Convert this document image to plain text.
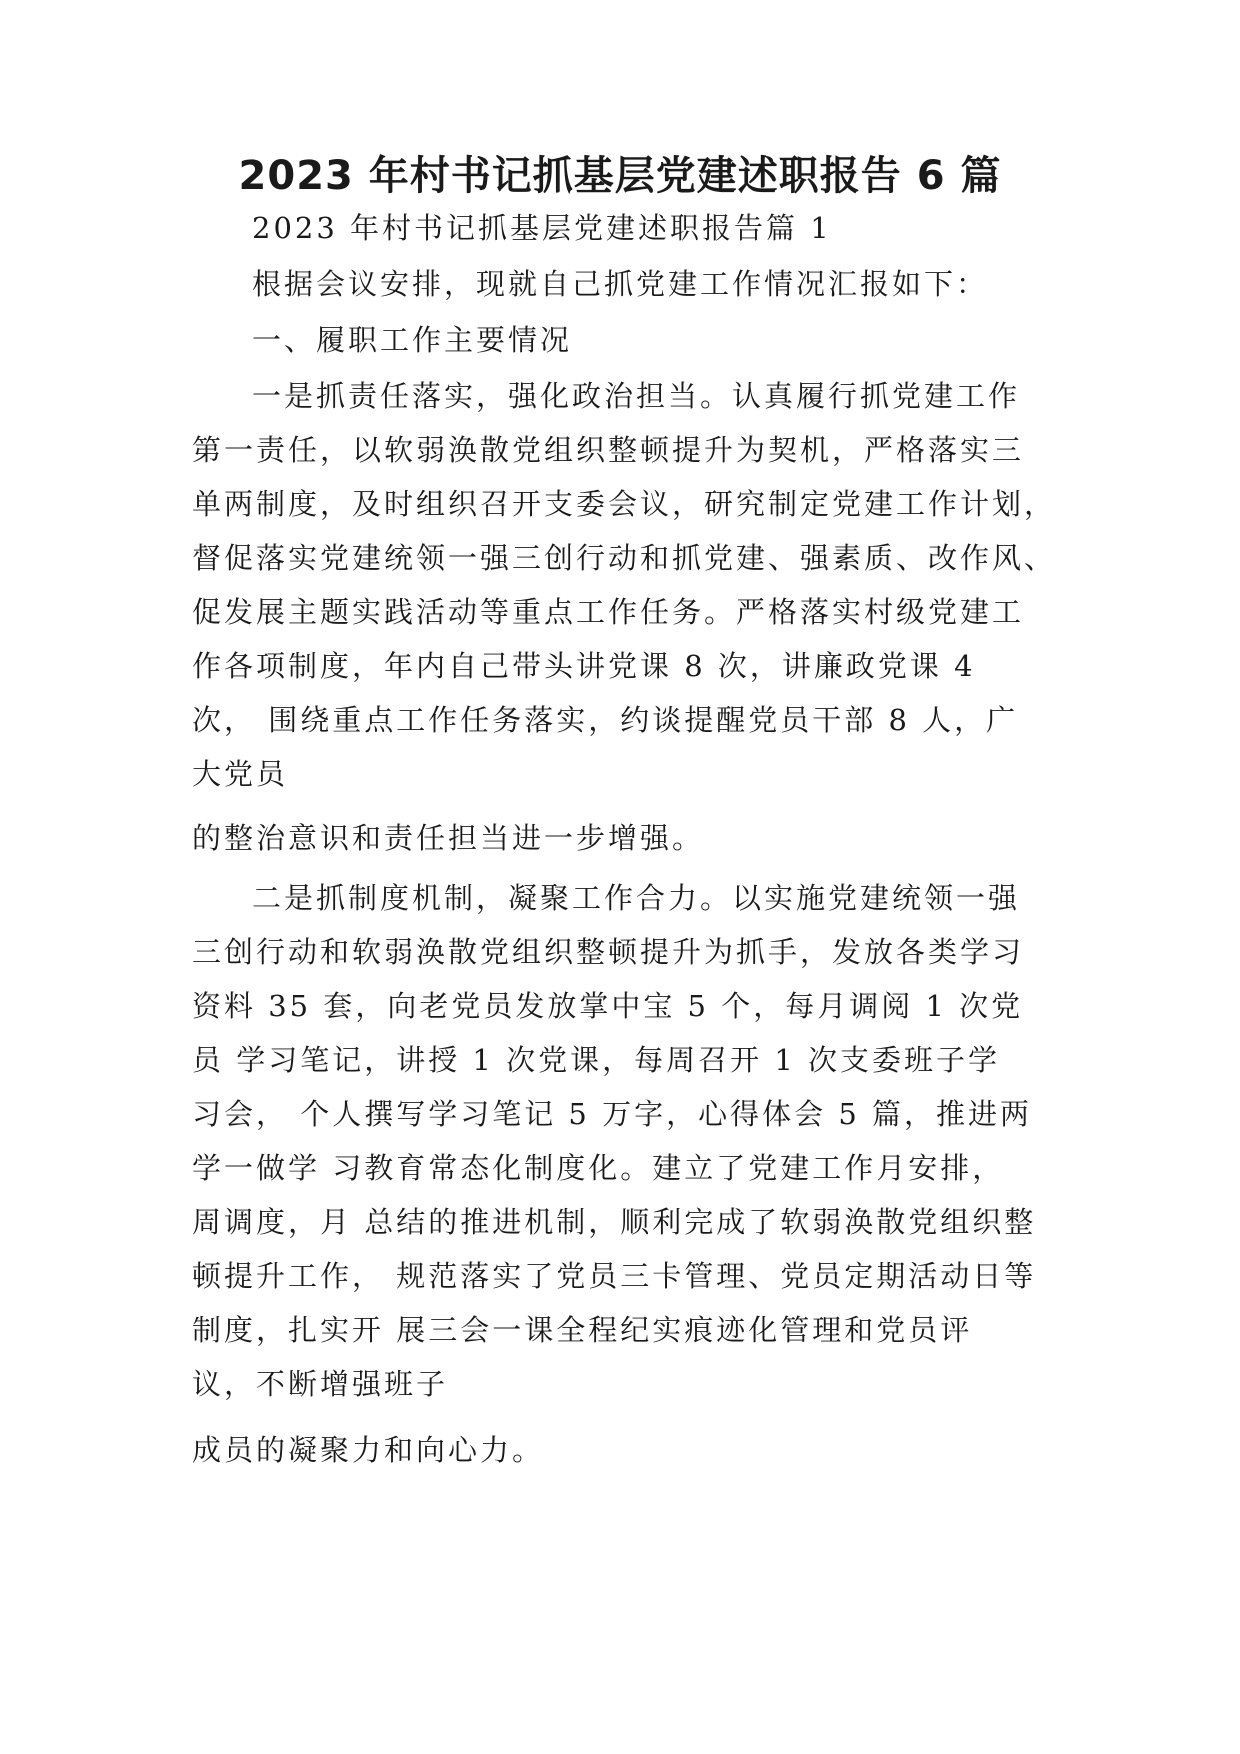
2023 年村书记抓基层党建述职报告 6 篇

2023 年村书记抓基层党建述职报告篇 1

根据会议安排，现就自己抓党建工作情况汇报如下：

一、履职工作主要情况

一是抓责任落实，强化政治担当。认真履行抓党建工作

第一责任，以软弱涣散党组织整顿提升为契机，严格落实三

单两制度，及时组织召开支委会议，研究制定党建工作计划，

督促落实党建统领一强三创行动和抓党建、强素质、改作风、

促发展主题实践活动等重点工作任务。严格落实村级党建工

作各项制度，年内自己带头讲党课 8 次，讲廉政党课 4

次， 围绕重点工作任务落实，约谈提醒党员干部 8 人，广

大党员

的整治意识和责任担当进一步增强。

二是抓制度机制，凝聚工作合力。以实施党建统领一强

三创行动和软弱涣散党组织整顿提升为抓手，发放各类学习

资料 35 套，向老党员发放掌中宝 5 个，每月调阅 1 次党

员 学习笔记，讲授 1 次党课，每周召开 1 次支委班子学

习会， 个人撰写学习笔记 5 万字，心得体会 5 篇，推进两

学一做学 习教育常态化制度化。建立了党建工作月安排，

周调度，月 总结的推进机制，顺利完成了软弱涣散党组织整

顿提升工作， 规范落实了党员三卡管理、党员定期活动日等

制度，扎实开 展三会一课全程纪实痕迹化管理和党员评

议，不断增强班子

成员的凝聚力和向心力。
